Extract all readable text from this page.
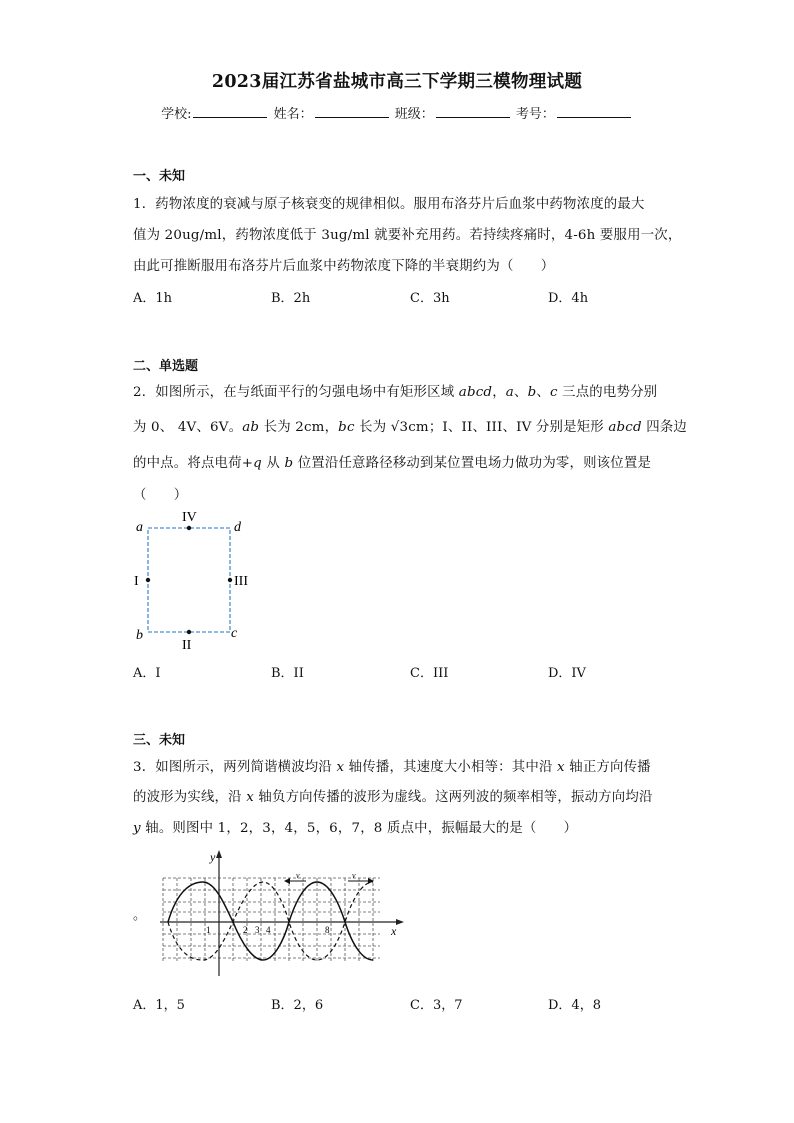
2023届江苏省盐城市高三下学期三模物理试题
学校:	姓名：	班级：	考号：
一、未知
1．药物浓度的衰减与原子核衰变的规律相似。服用布洛芬片后血浆中药物浓度的最大
值为 20ug/ml，药物浓度低于 3ug/ml 就要补充用药。若持续疼痛时，4-6h 要服用一次，
由此可推断服用布洛芬片后血浆中药物浓度下降的半衰期约为（　　）
A．1h	B．2h	C．3h	D．4h
二、单选题
2．如图所示，在与纸面平行的匀强电场中有矩形区域 abcd，a、b、c 三点的电势分别
为 0、 4V、6V。ab 长为 2cm，bc 长为 √3cm；I、II、III、IV 分别是矩形 abcd 四条边
的中点。将点电荷+q 从 b 位置沿任意路径移动到某位置电场力做功为零，则该位置是
（　　）
a	d
b	c
IV
I	III
II
A．I	B．II	C．III	D．IV
三、未知
3．如图所示，两列简谐横波均沿 x 轴传播，其速度大小相等：其中沿 x 轴正方向传播
的波形为实线，沿 x 轴负方向传播的波形为虚线。这两列波的频率相等，振动方向均沿
y 轴。则图中 1，2，3，4，5，6，7，8 质点中，振幅最大的是（　　）
。
y
x
v	v
1	2 3 4	8
A．1，5	B．2，6	C．3，7	D．4，8
